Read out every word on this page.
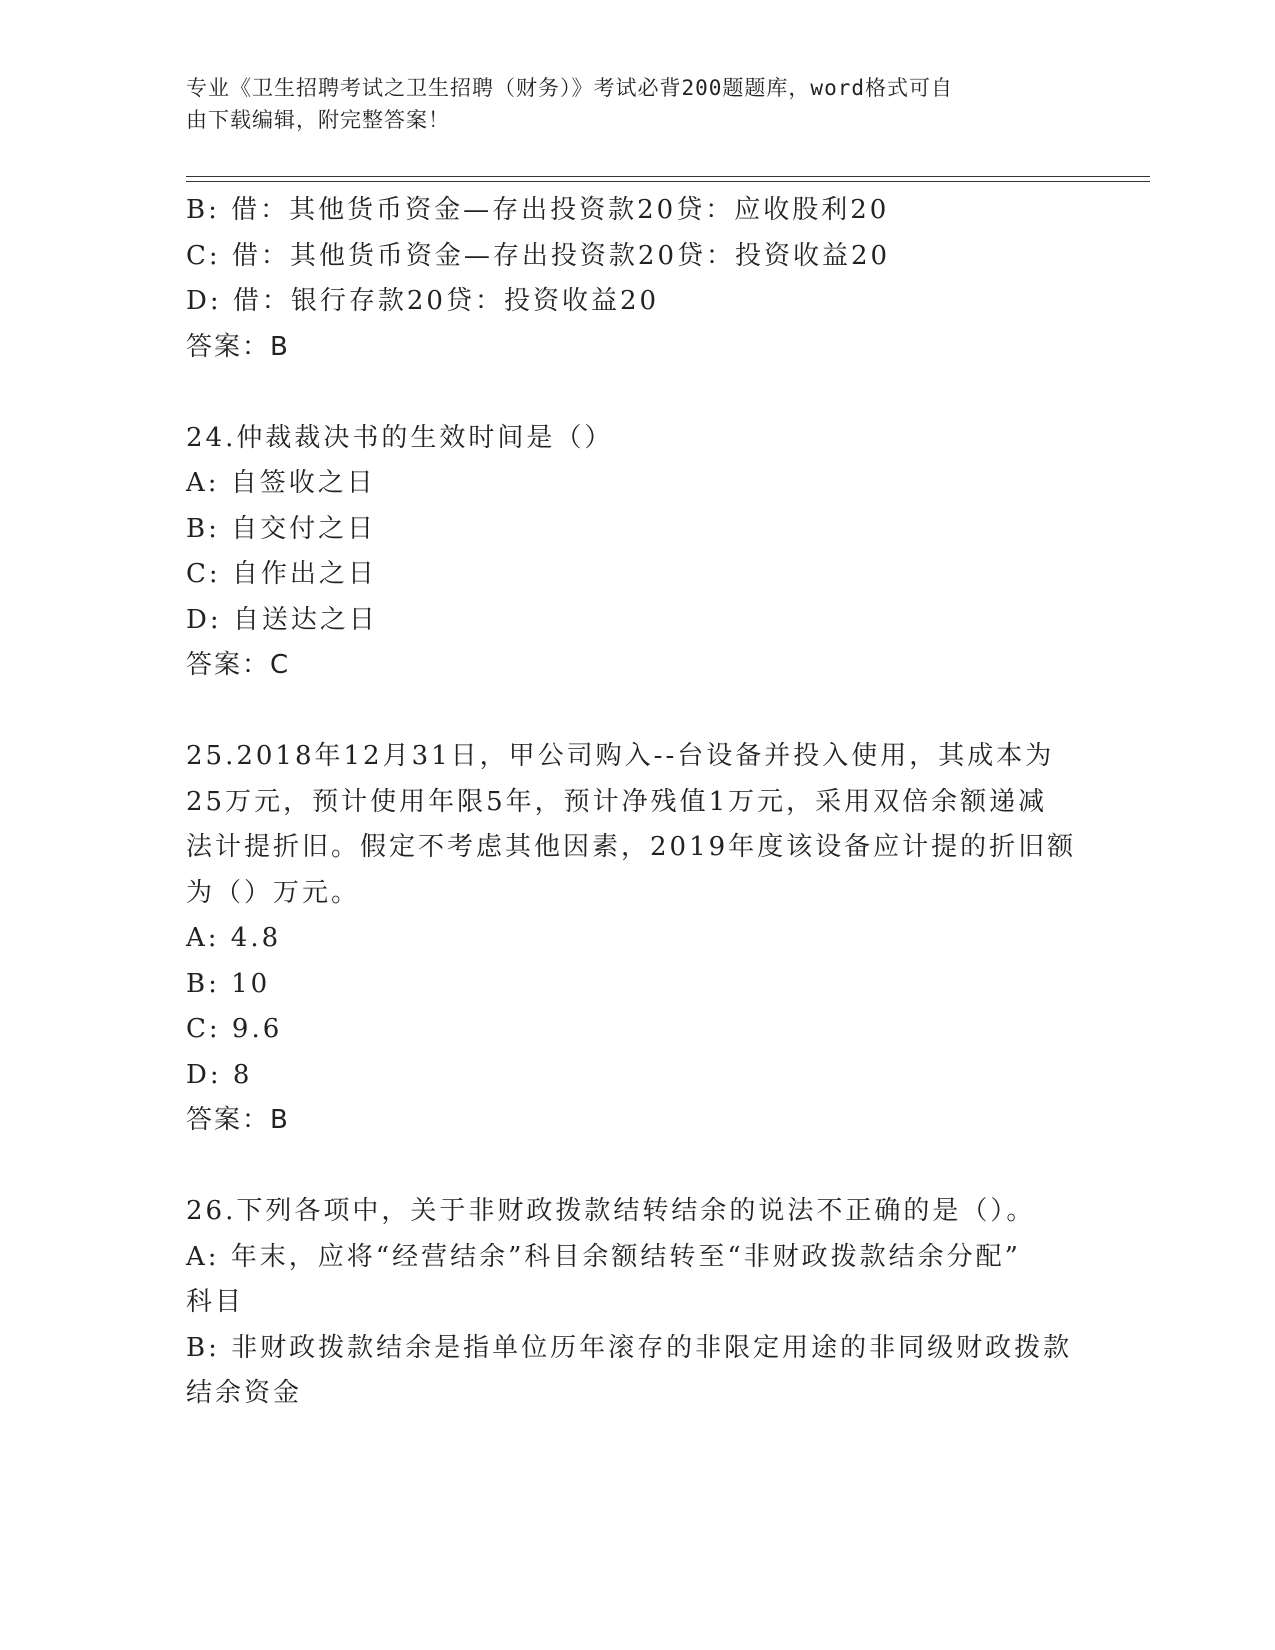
专业《卫生招聘考试之卫生招聘（财务）》考试必背200题题库，word格式可自
由下载编辑，附完整答案！
B: 借：其他货币资金—存出投资款20贷：应收股利20
C: 借：其他货币资金—存出投资款20贷：投资收益20
D: 借：银行存款20贷：投资收益20
答案：B
24.仲裁裁决书的生效时间是（）
A: 自签收之日
B: 自交付之日
C: 自作出之日
D: 自送达之日
答案：C
25.2018年12月31日，甲公司购入--台设备并投入使用，其成本为
25万元，预计使用年限5年，预计净残值1万元，采用双倍余额递减
法计提折旧。假定不考虑其他因素，2019年度该设备应计提的折旧额
为（）万元。
A: 4.8
B: 10
C: 9.6
D: 8
答案：B
26.下列各项中，关于非财政拨款结转结余的说法不正确的是（）。
A: 年末，应将“经营结余”科目余额结转至“非财政拨款结余分配”
科目
B: 非财政拨款结余是指单位历年滚存的非限定用途的非同级财政拨款
结余资金
